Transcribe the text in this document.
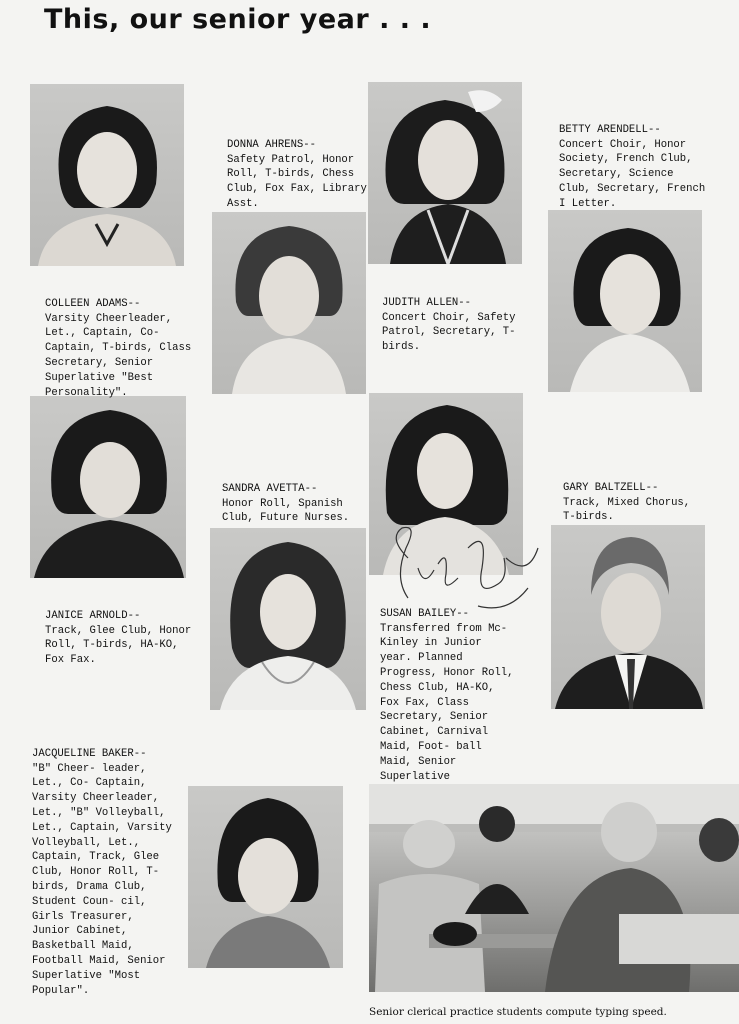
This, our senior year . . .

COLLEEN ADAMS--
Varsity Cheerleader, Let., Captain, Co- Captain, T-birds, Class Secretary, Senior Superlative "Best Personality".

DONNA AHRENS--
Safety Patrol, Honor Roll, T-birds, Chess Club, Fox Fax, Library Asst.

JUDITH ALLEN--
Concert Choir, Safety Patrol, Secretary, T-birds.

BETTY ARENDELL--
Concert Choir, Honor Society, French Club, Secretary, Science Club, Secretary, French I Letter.

JANICE ARNOLD--
Track, Glee Club, Honor Roll, T-birds, HA-KO, Fox Fax.

SANDRA AVETTA--
Honor Roll, Spanish Club, Future Nurses.

SUSAN BAILEY--
Transferred from Mc- Kinley in Junior year. Planned Progress, Honor Roll, Chess Club, HA-KO, Fox Fax, Class Secretary, Senior Cabinet, Carnival Maid, Foot- ball Maid, Senior Superlative

GARY BALTZELL--
Track, Mixed Chorus, T-birds.

JACQUELINE BAKER--
"B" Cheer- leader, Let., Co- Captain, Varsity Cheerleader, Let., "B" Volleyball, Let., Captain, Varsity Volleyball, Let., Captain, Track, Glee Club, Honor Roll, T-birds, Drama Club, Student Coun- cil, Girls Treasurer, Junior Cabinet, Basketball Maid, Football Maid, Senior Superlative "Most Popular".

Senior clerical practice students compute typing speed.
